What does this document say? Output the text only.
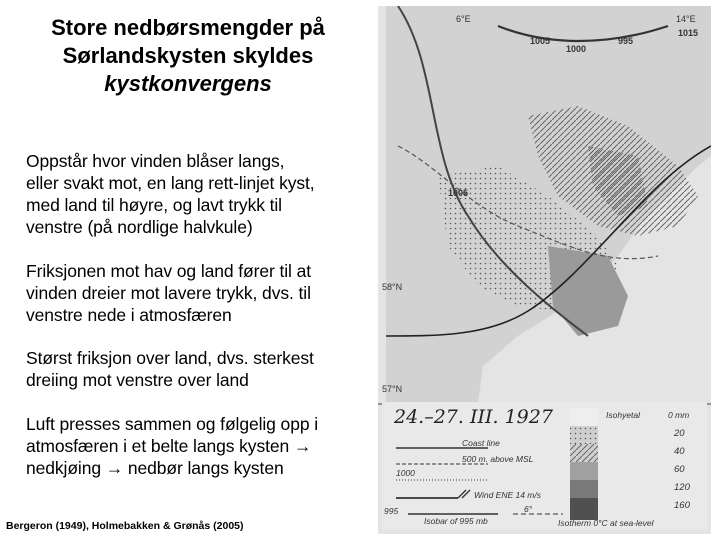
Store nedbørsmengder på
Sørlandskysten skyldes
kystkonvergens
Oppstår hvor vinden blåser langs,
eller svakt mot, en lang rett-linjet kyst,
med land til høyre, og lavt trykk til
venstre (på nordlige halvkule)
Friksjonen mot hav og land fører til at
vinden dreier mot lavere trykk, dvs. til
venstre nede i atmosfæren
Størst friksjon over land, dvs. sterkest
dreiing mot venstre over land
Luft presses sammen og følgelig opp i
atmosfæren i et belte langs kysten →
nedkjøing → nedbør langs kysten
Bergeron (1949), Holmebakken & Grønås (2005)
6°E	14°E
1005
1000
995
1015
1005
58°N
57°N
24.–27. III. 1927	Isohyetal	0 mm
Coast line
500 m. above MSL
1000
Wind ENE 14 m/s
995
Isobar of 995 mb
6°
Isotherm 0°C at sea-level
20
40
60
120
160
